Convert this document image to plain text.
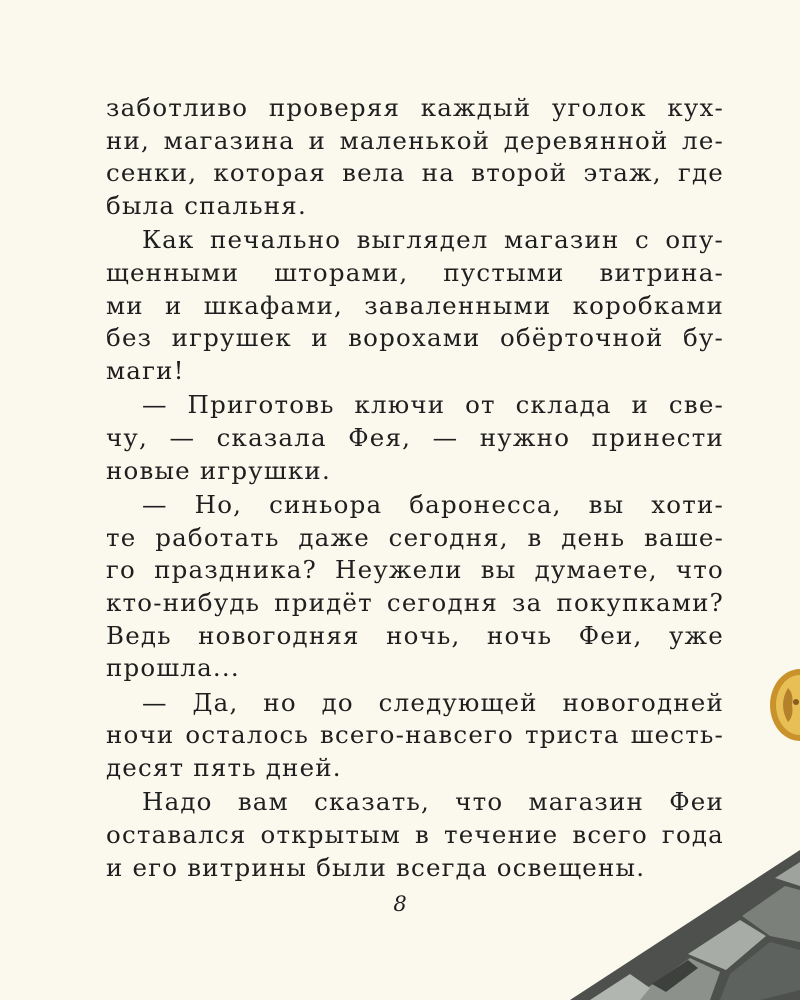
заботливо проверяя каждый уголок кух-
ни, магазина и маленькой деревянной ле-
сенки, которая вела на второй этаж, где
была спальня.

Как печально выглядел магазин с опу-
щенными шторами, пустыми витрина-
ми и шкафами, заваленными коробками
без игрушек и ворохами обёрточной бу-
маги!

— Приготовь ключи от склада и све-
чу, — сказала Фея, — нужно принести
новые игрушки.

— Но, синьора баронесса, вы хоти-
те работать даже сегодня, в день ваше-
го праздника? Неужели вы думаете, что
кто-нибудь придёт сегодня за покупками?
Ведь новогодняя ночь, ночь Феи, уже
прошла...

— Да, но до следующей новогодней
ночи осталось всего-навсего триста шесть-
десят пять дней.

Надо вам сказать, что магазин Феи
оставался открытым в течение всего года
и его витрины были всегда освещены.

8
